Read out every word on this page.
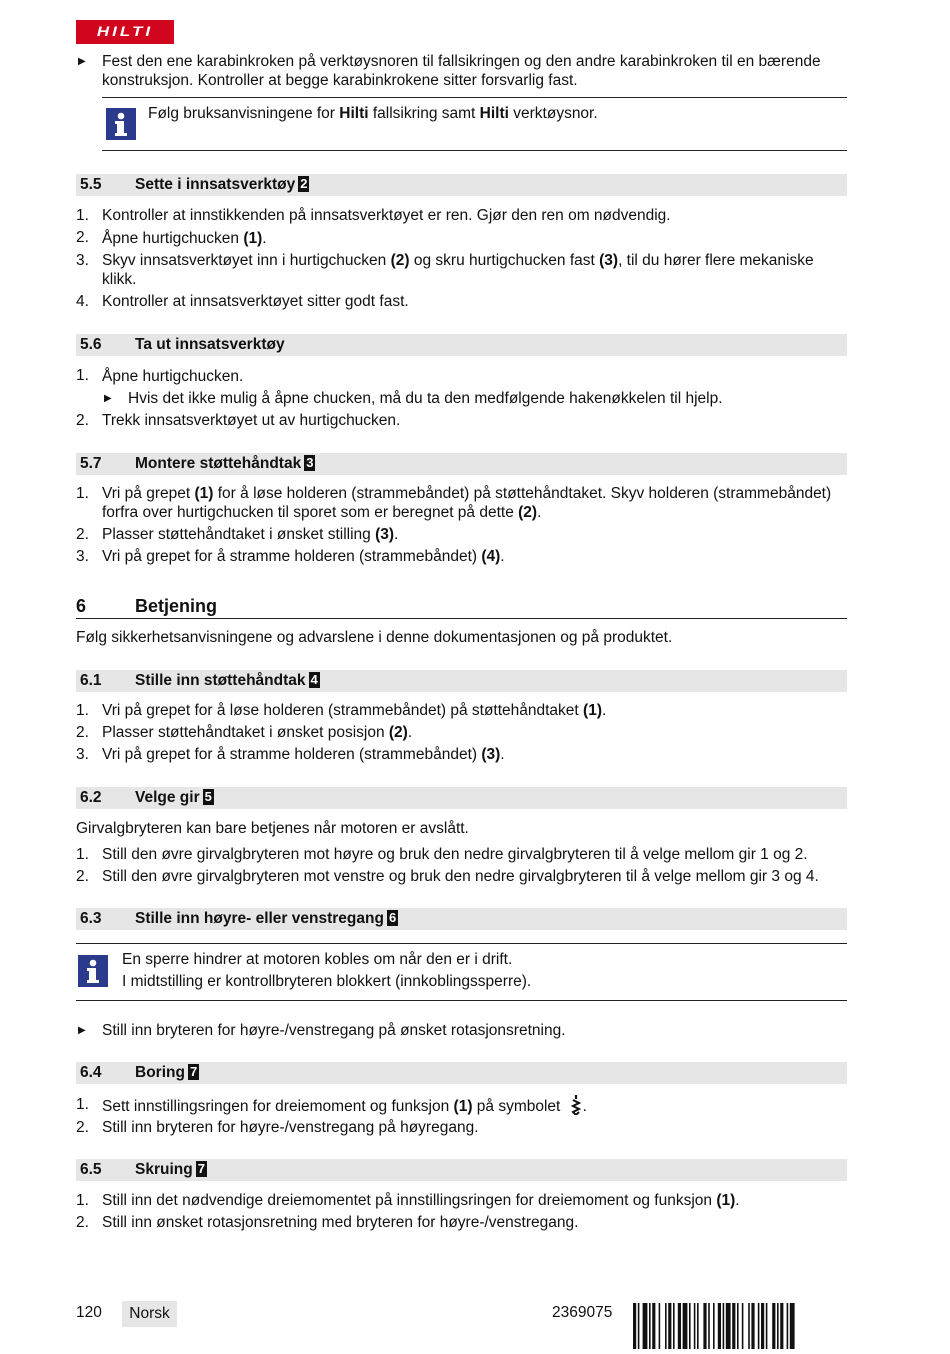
HILTI
▶ Fest den ene karabinkroken på verktøysnoren til fallsikringen og den andre karabinkroken til en bærende konstruksjon. Kontroller at begge karabinkrokene sitter forsvarlig fast.
Følg bruksanvisningene for Hilti fallsikring samt Hilti verktøysnor.
5.5 Sette i innsatsverktøy 2
1. Kontroller at innstikkenden på innsatsverktøyet er ren. Gjør den ren om nødvendig.
2. Åpne hurtigchucken (1).
3. Skyv innsatsverktøyet inn i hurtigchucken (2) og skru hurtigchucken fast (3), til du hører flere mekaniske klikk.
4. Kontroller at innsatsverktøyet sitter godt fast.
5.6 Ta ut innsatsverktøy
1. Åpne hurtigchucken.
▶ Hvis det ikke mulig å åpne chucken, må du ta den medfølgende hakenøkkelen til hjelp.
2. Trekk innsatsverktøyet ut av hurtigchucken.
5.7 Montere støttehåndtak 3
1. Vri på grepet (1) for å løse holderen (strammebåndet) på støttehåndtaket. Skyv holderen (strammebåndet) forfra over hurtigchucken til sporet som er beregnet på dette (2).
2. Plasser støttehåndtaket i ønsket stilling (3).
3. Vri på grepet for å stramme holderen (strammebåndet) (4).
6	Betjening
Følg sikkerhetsanvisningene og advarslene i denne dokumentasjonen og på produktet.
6.1 Stille inn støttehåndtak 4
1. Vri på grepet for å løse holderen (strammebåndet) på støttehåndtaket (1).
2. Plasser støttehåndtaket i ønsket posisjon (2).
3. Vri på grepet for å stramme holderen (strammebåndet) (3).
6.2 Velge gir 5
Girvalgbryteren kan bare betjenes når motoren er avslått.
1. Still den øvre girvalgbryteren mot høyre og bruk den nedre girvalgbryteren til å velge mellom gir 1 og 2.
2. Still den øvre girvalgbryteren mot venstre og bruk den nedre girvalgbryteren til å velge mellom gir 3 og 4.
6.3 Stille inn høyre- eller venstregang 6
En sperre hindrer at motoren kobles om når den er i drift.
I midtstilling er kontrollbryteren blokkert (innkoblingssperre).
▶ Still inn bryteren for høyre-/venstregang på ønsket rotasjonsretning.
6.4 Boring 7
1. Sett innstillingsringen for dreiemoment og funksjon (1) på symbolet .
2. Still inn bryteren for høyre-/venstregang på høyregang.
6.5 Skruing 7
1. Still inn det nødvendige dreiemomentet på innstillingsringen for dreiemoment og funksjon (1).
2. Still inn ønsket rotasjonsretning med bryteren for høyre-/venstregang.
120	Norsk	2369075
